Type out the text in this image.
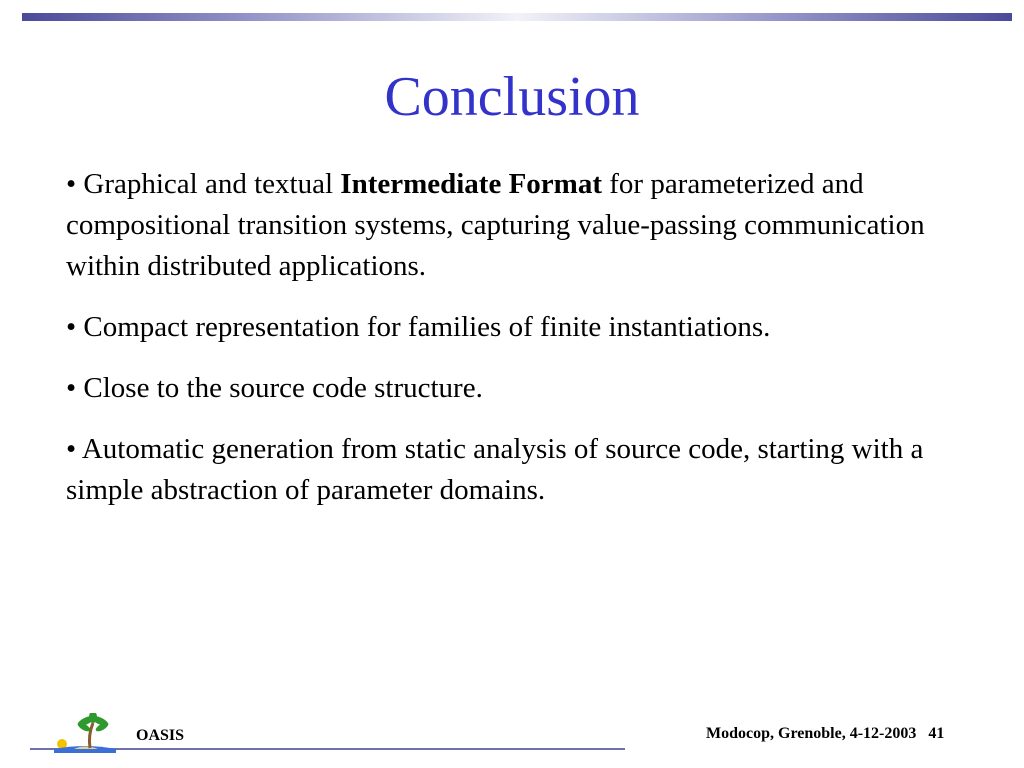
Conclusion

• Graphical and textual Intermediate Format for parameterized and compositional transition systems, capturing value-passing communication within distributed applications.

• Compact representation for families of finite instantiations.

• Close to the source code structure.

• Automatic generation from static analysis of source code, starting with a simple abstraction of parameter domains.

OASIS	Modocop, Grenoble, 4-12-2003 41
